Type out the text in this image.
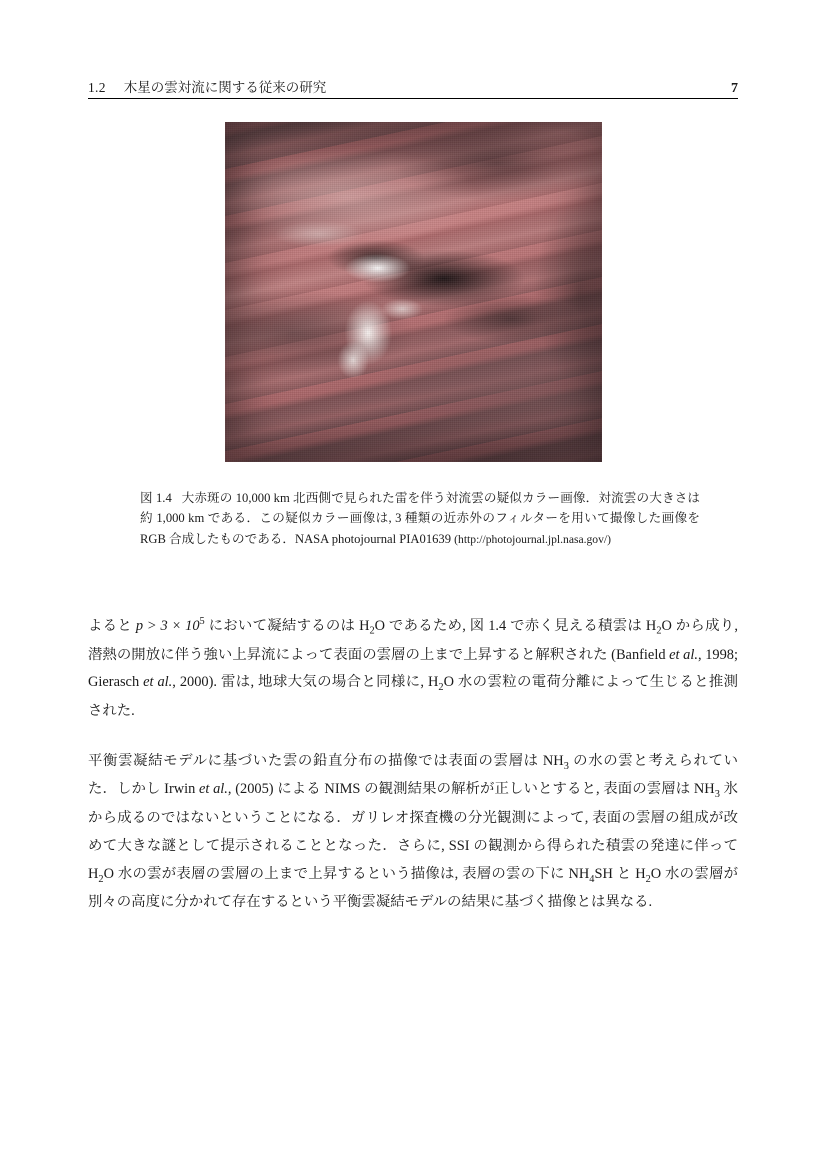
1.2 木星の雲対流に関する従来の研究	7
図 1.4 大赤斑の 10,000 km 北西側で見られた雷を伴う対流雲の疑似カラー画像．対流雲の大きさは約 1,000 km である．この疑似カラー画像は, 3 種類の近赤外のフィルターを用いて撮像した画像を RGB 合成したものである．NASA photojournal PIA01639 (http://photojournal.jpl.nasa.gov/)

よると $p > 3 \times 10^5$ において凝結するのは $H_2O$ であるため, 図 1.4 で赤く見える積雲は $H_2O$ から成り, 潜熱の開放に伴う強い上昇流によって表面の雲層の上まで上昇すると解釈された (Banfield et al., 1998; Gierasch et al., 2000). 雷は, 地球大気の場合と同様に, $H_2O$ 水の雲粒の電荷分離によって生じると推測された.

平衡雲凝結モデルに基づいた雲の鉛直分布の描像では表面の雲層は $NH_3$ の水の雲と考えられていた．しかし Irwin et al., (2005) による NIMS の観測結果の解析が正しいとすると, 表面の雲層は $NH_3$ 氷から成るのではないということになる．ガリレオ探査機の分光観測によって, 表面の雲層の組成が改めて大きな謎として提示されることとなった．さらに, SSI の観測から得られた積雲の発達に伴って $H_2O$ 水の雲が表層の雲層の上まで上昇するという描像は, 表層の雲の下に $NH_4SH$ と $H_2O$ 水の雲層が別々の高度に分かれて存在するという平衡雲凝結モデルの結果に基づく描像とは異なる.
